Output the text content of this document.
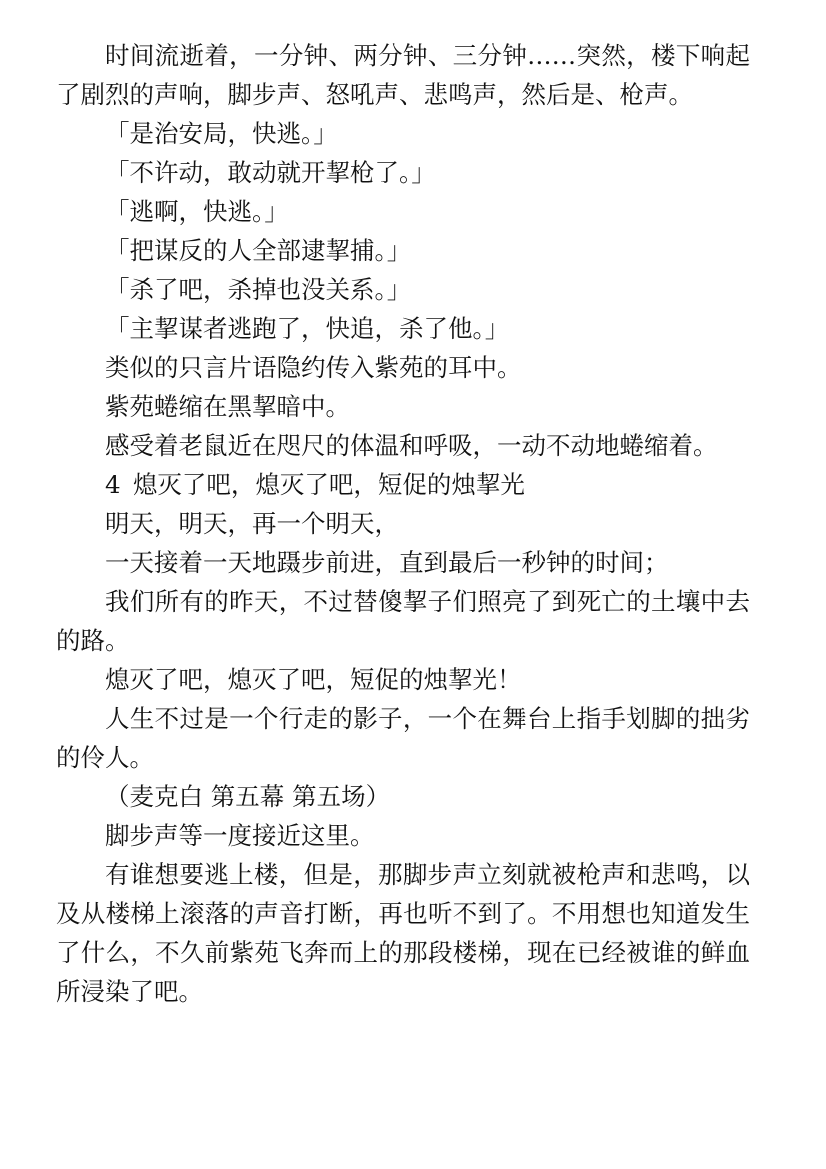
时间流逝着，一分钟、两分钟、三分钟……突然，楼下响起了剧烈的声响，脚步声、怒吼声、悲鸣声，然后是、枪声。

「是治安局，快逃。」

「不许动，敢动就开挈枪了。」

「逃啊，快逃。」

「把谋反的人全部逮挈捕。」

「杀了吧，杀掉也没关系。」

「主挈谋者逃跑了，快追，杀了他。」

类似的只言片语隐约传入紫苑的耳中。

紫苑蜷缩在黑挈暗中。

感受着老鼠近在咫尺的体温和呼吸，一动不动地蜷缩着。

4 熄灭了吧，熄灭了吧，短促的烛挈光

明天，明天，再一个明天，

一天接着一天地蹑步前进，直到最后一秒钟的时间；

我们所有的昨天，不过替傻挈子们照亮了到死亡的土壤中去的路。

熄灭了吧，熄灭了吧，短促的烛挈光！

人生不过是一个行走的影子，一个在舞台上指手划脚的拙劣的伶人。

（麦克白 第五幕 第五场）

脚步声等一度接近这里。

有谁想要逃上楼，但是，那脚步声立刻就被枪声和悲鸣，以及从楼梯上滚落的声音打断，再也听不到了。不用想也知道发生了什么，不久前紫苑飞奔而上的那段楼梯，现在已经被谁的鲜血所浸染了吧。
